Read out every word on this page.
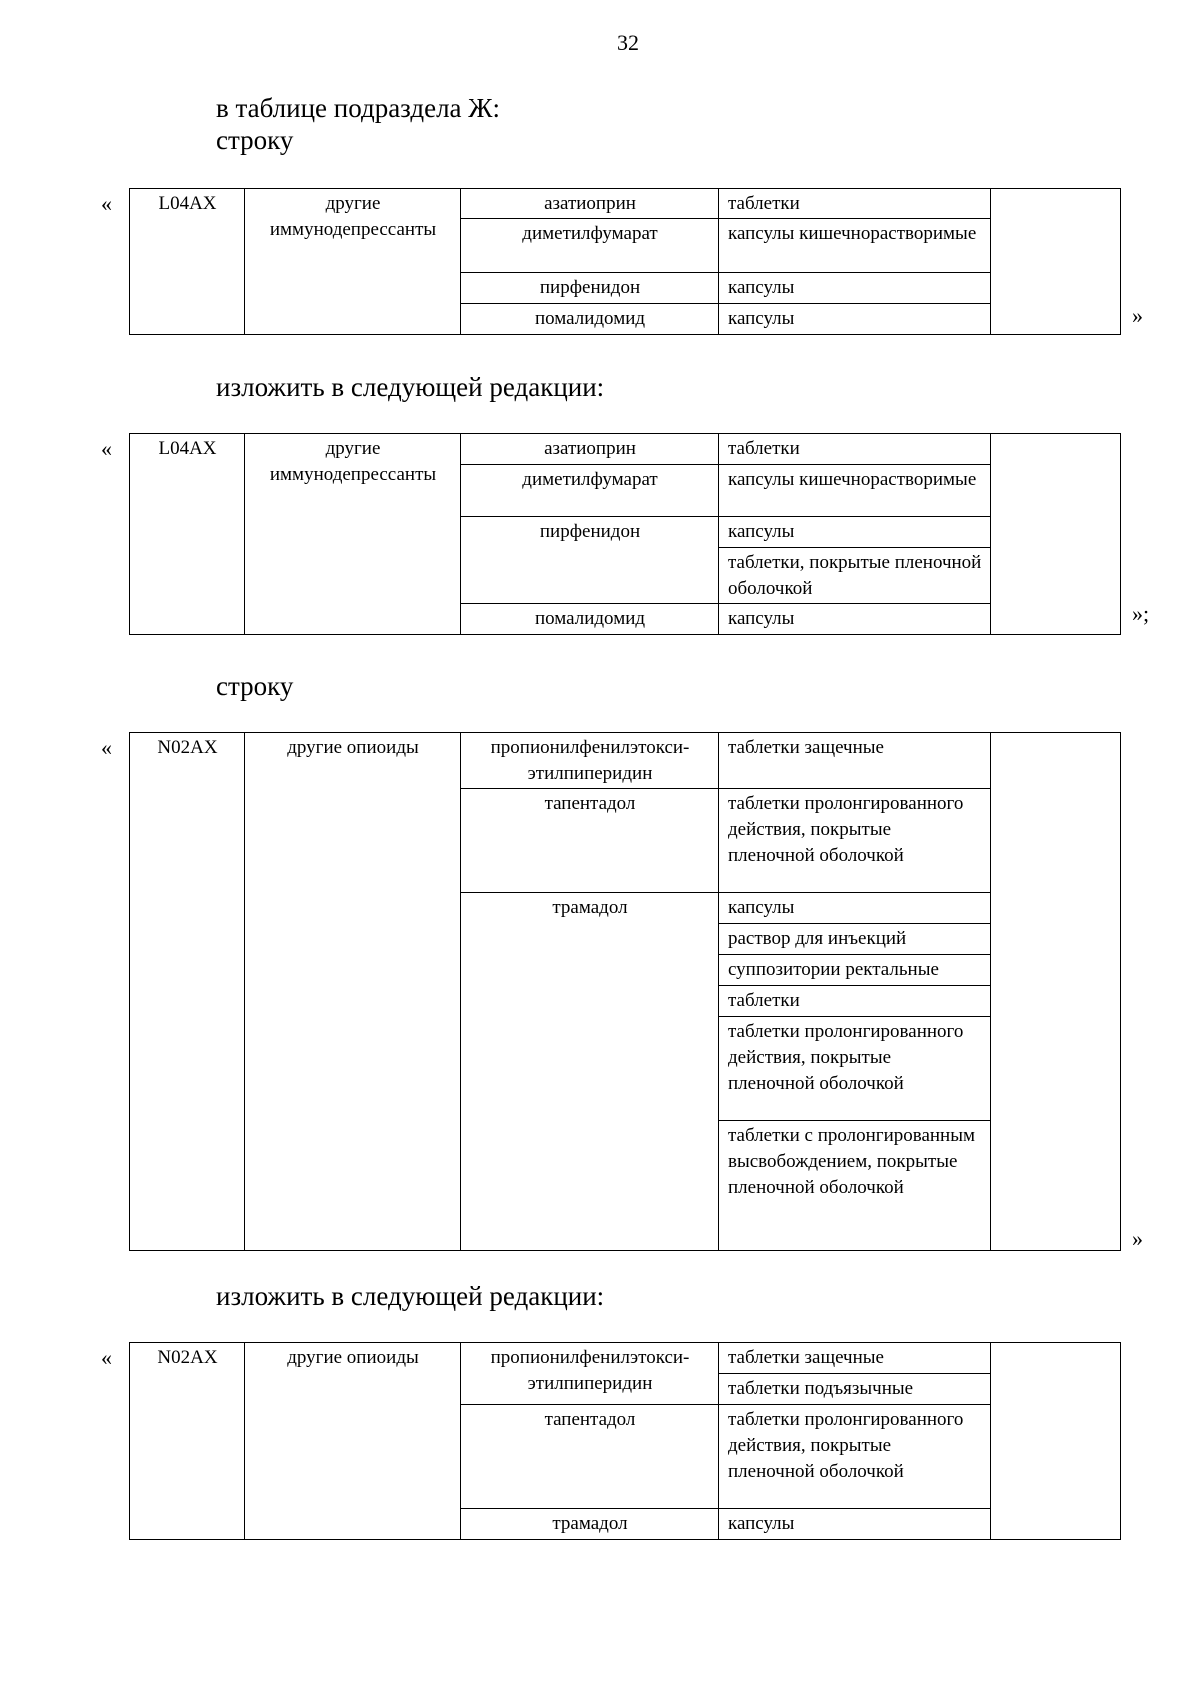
32
в таблице подраздела Ж:
строку
« L04AX	другие иммунодепрессанты	азатиоприн	таблетки	
		диметилфумарат	капсулы кишечнорастворимые	
		пирфенидон	капсулы	
		помалидомид	капсулы		»
изложить в следующей редакции:
« L04AX	другие иммунодепрессанты	азатиоприн	таблетки	
		диметилфумарат	капсулы кишечнорастворимые	
		пирфенидон	капсулы	
			таблетки, покрытые пленочной оболочкой	
		помалидомид	капсулы		»;
строку
« N02AX	другие опиоиды	пропионилфенилэтокси-этилпиперидин	таблетки защечные	
		тапентадол	таблетки пролонгированного действия, покрытые пленочной оболочкой	
		трамадол	капсулы	
			раствор для инъекций	
			суппозитории ректальные	
			таблетки	
			таблетки пролонгированного действия, покрытые пленочной оболочкой	
			таблетки с пролонгированным высвобождением, покрытые пленочной оболочкой	
»
изложить в следующей редакции:
« N02AX	другие опиоиды	пропионилфенилэтокси-этилпиперидин	таблетки защечные	
			таблетки подъязычные	
		тапентадол	таблетки пролонгированного действия, покрытые пленочной оболочкой	
		трамадол	капсулы	
